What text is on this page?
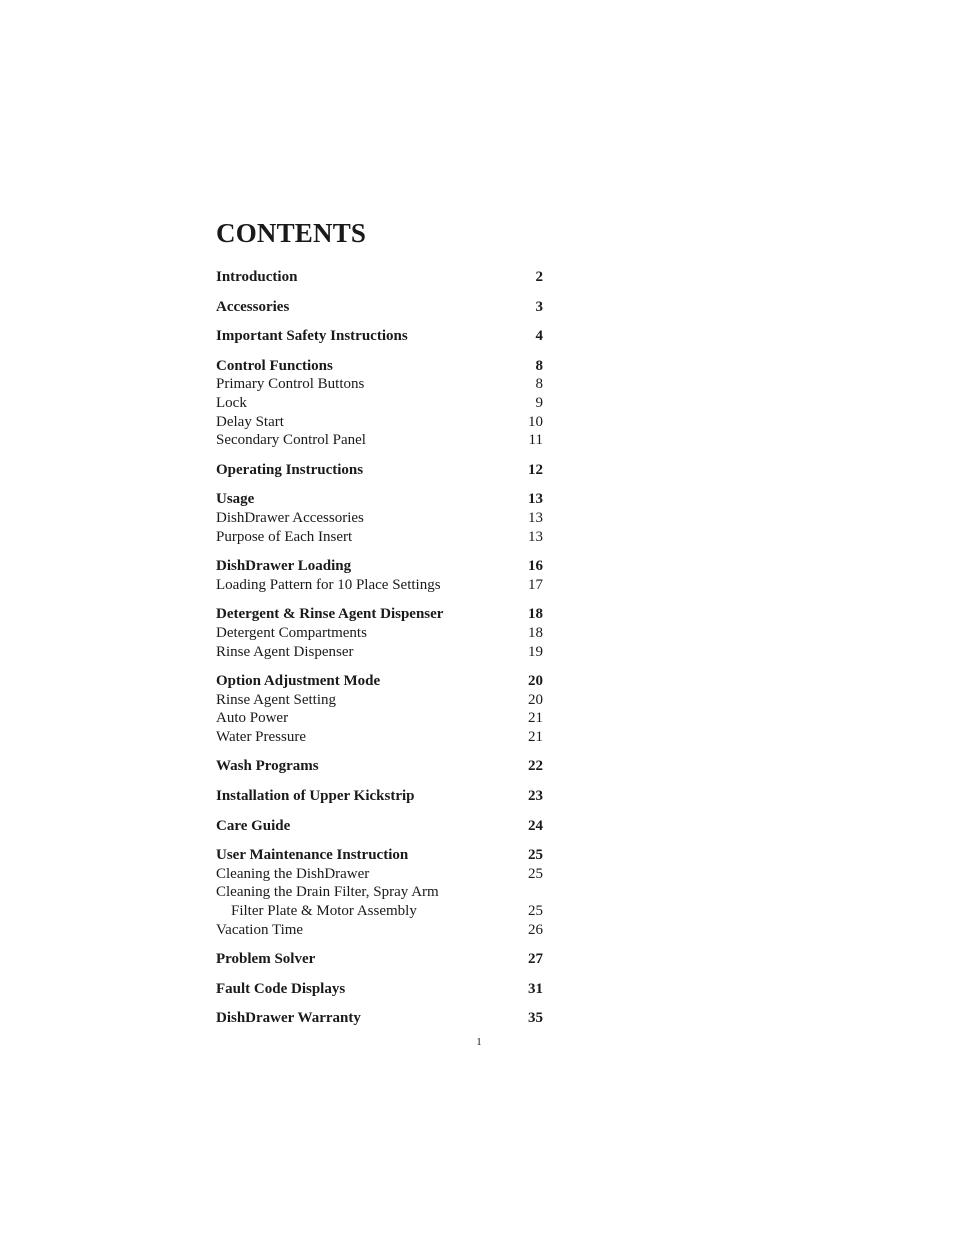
CONTENTS
Introduction	2
Accessories	3
Important Safety Instructions	4
Control Functions	8
Primary Control Buttons	8
Lock	9
Delay Start	10
Secondary Control Panel	11
Operating Instructions	12
Usage	13
DishDrawer Accessories	13
Purpose of Each Insert	13
DishDrawer Loading	16
Loading Pattern for 10 Place Settings	17
Detergent & Rinse Agent Dispenser	18
Detergent Compartments	18
Rinse Agent Dispenser	19
Option Adjustment Mode	20
Rinse Agent Setting	20
Auto Power	21
Water Pressure	21
Wash Programs	22
Installation of Upper Kickstrip	23
Care Guide	24
User Maintenance Instruction	25
Cleaning the DishDrawer	25
Cleaning the Drain Filter, Spray Arm
Filter Plate & Motor Assembly	25
Vacation Time	26
Problem Solver	27
Fault Code Displays	31
DishDrawer Warranty	35
1
